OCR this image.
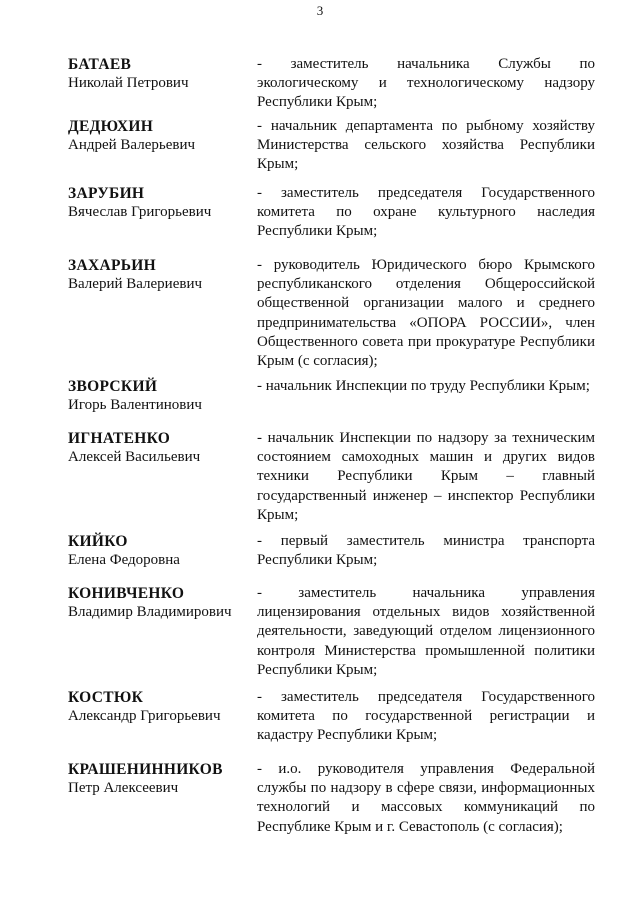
3
БАТАЕВ
Николай Петрович
- заместитель начальника Службы по экологическому и технологическому надзору Республики Крым;
ДЕДЮХИН
Андрей Валерьевич
- начальник департамента по рыбному хозяйству Министерства сельского хозяйства Республики Крым;
ЗАРУБИН
Вячеслав Григорьевич
- заместитель председателя Государственного комитета по охране культурного наследия Республики Крым;
ЗАХАРЬИН
Валерий Валериевич
- руководитель Юридического бюро Крымского республиканского отделения Общероссийской общественной организации малого и среднего предпринимательства «ОПОРА РОССИИ», член Общественного совета при прокуратуре Республики Крым (с согласия);
ЗВОРСКИЙ
Игорь Валентинович
- начальник Инспекции по труду Республики Крым;
ИГНАТЕНКО
Алексей Васильевич
- начальник Инспекции по надзору за техническим состоянием самоходных машин и других видов техники Республики Крым – главный государственный инженер – инспектор Республики Крым;
КИЙКО
Елена Федоровна
- первый заместитель министра транспорта Республики Крым;
КОНИВЧЕНКО
Владимир Владимирович
- заместитель начальника управления лицензирования отдельных видов хозяйственной деятельности, заведующий отделом лицензионного контроля Министерства промышленной политики Республики Крым;
КОСТЮК
Александр Григорьевич
- заместитель председателя Государственного комитета по государственной регистрации и кадастру Республики Крым;
КРАШЕНИННИКОВ
Петр Алексеевич
- и.о. руководителя управления Федеральной службы по надзору в сфере связи, информационных технологий и массовых коммуникаций по Республике Крым и г. Севастополь (с согласия);
